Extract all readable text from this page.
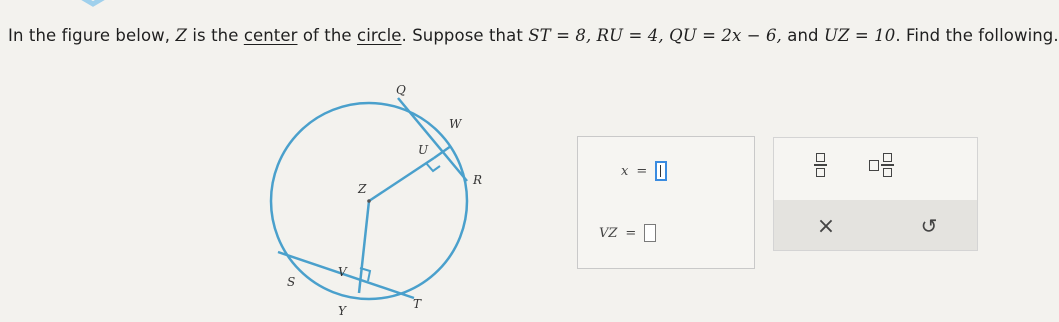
In the figure below, Z is the center of the circle. Suppose that ST = 8, RU = 4, QU = 2x − 6, and UZ = 10. Find the following.
Q
W
U
R
Z
V
S
Y	T
x =
VZ =	×	↺
